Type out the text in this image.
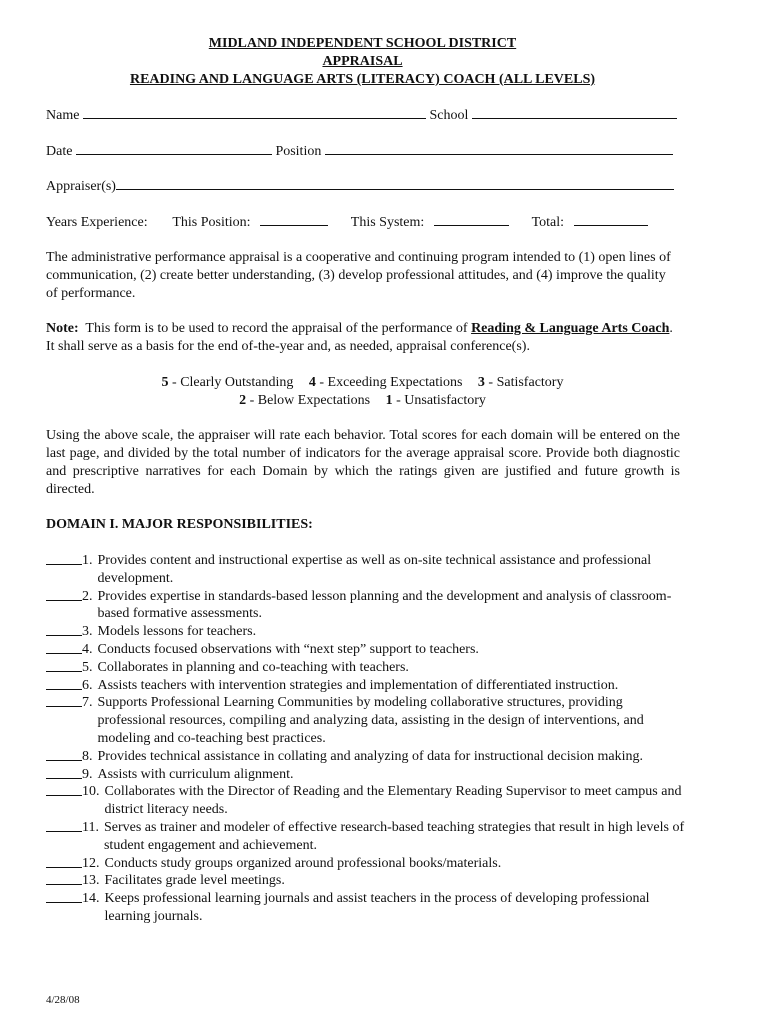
MIDLAND INDEPENDENT SCHOOL DISTRICT
APPRAISAL
READING AND LANGUAGE ARTS (LITERACY) COACH (ALL LEVELS)
Name	School
Date	Position
Appraiser(s)
Years Experience: This Position:	This System:	Total:
The administrative performance appraisal is a cooperative and continuing program intended to (1) open lines of communication, (2) create better understanding, (3) develop professional attitudes, and (4) improve the quality of performance.
Note: This form is to be used to record the appraisal of the performance of Reading & Language Arts Coach. It shall serve as a basis for the end of-the-year and, as needed, appraisal conference(s).
5 - Clearly Outstanding 4 - Exceeding Expectations 3 - Satisfactory
2 - Below Expectations 1 - Unsatisfactory
Using the above scale, the appraiser will rate each behavior. Total scores for each domain will be entered on the last page, and divided by the total number of indicators for the average appraisal score. Provide both diagnostic and prescriptive narratives for each Domain by which the ratings given are justified and future growth is directed.
DOMAIN I. MAJOR RESPONSIBILITIES:
1. Provides content and instructional expertise as well as on-site technical assistance and professional development.
2. Provides expertise in standards-based lesson planning and the development and analysis of classroom-based formative assessments.
3. Models lessons for teachers.
4. Conducts focused observations with “next step” support to teachers.
5. Collaborates in planning and co-teaching with teachers.
6. Assists teachers with intervention strategies and implementation of differentiated instruction.
7. Supports Professional Learning Communities by modeling collaborative structures, providing professional resources, compiling and analyzing data, assisting in the design of interventions, and modeling and co-teaching best practices.
8. Provides technical assistance in collating and analyzing of data for instructional decision making.
9. Assists with curriculum alignment.
10. Collaborates with the Director of Reading and the Elementary Reading Supervisor to meet campus and district literacy needs.
11. Serves as trainer and modeler of effective research-based teaching strategies that result in high levels of student engagement and achievement.
12. Conducts study groups organized around professional books/materials.
13. Facilitates grade level meetings.
14. Keeps professional learning journals and assist teachers in the process of developing professional learning journals.
4/28/08
